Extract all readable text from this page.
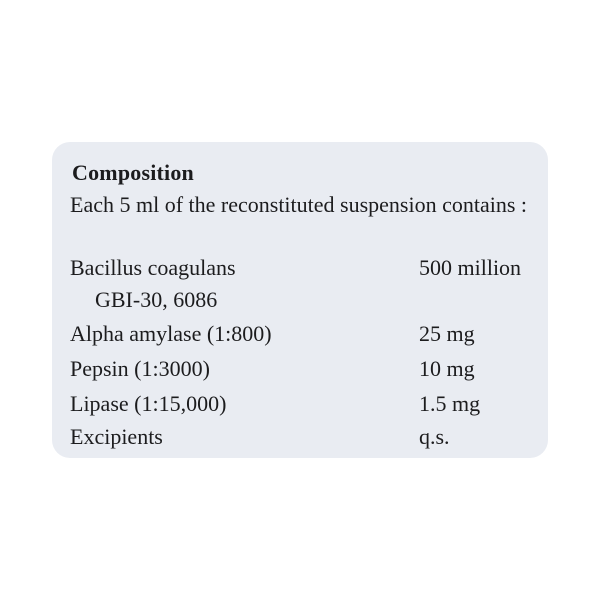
Composition
Each 5 ml of the reconstituted suspension contains :
Bacillus coagulans	500 million
GBI-30, 6086
Alpha amylase (1:800)	25 mg
Pepsin (1:3000)	10 mg
Lipase (1:15,000)	1.5 mg
Excipients	q.s.
